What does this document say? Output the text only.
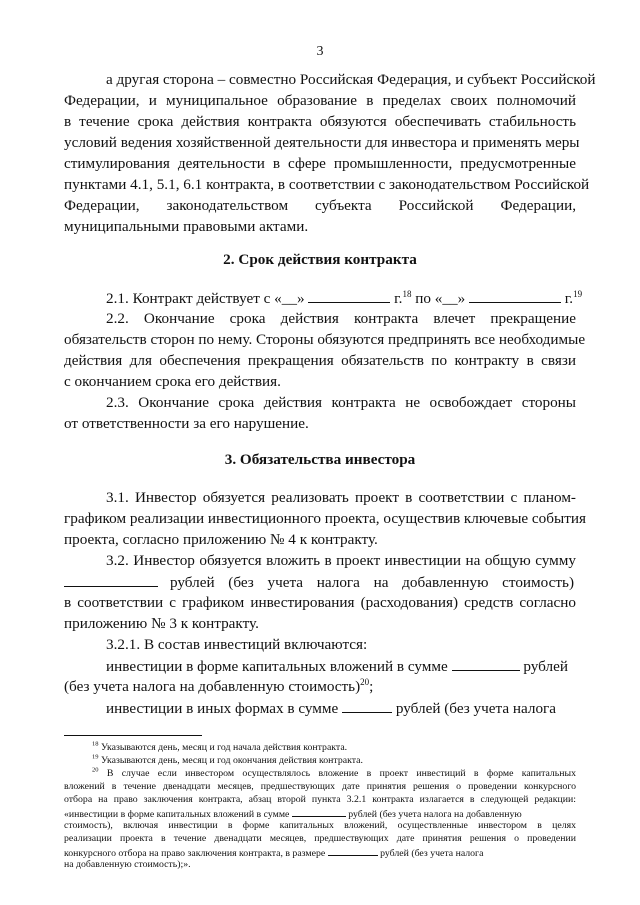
3
а другая сторона – совместно Российская Федерация, и субъект Российской
Федерации, и муниципальное образование в пределах своих полномочий
в течение срока действия контракта обязуются обеспечивать стабильность
условий ведения хозяйственной деятельности для инвестора и применять меры
стимулирования деятельности в сфере промышленности, предусмотренные
пунктами 4.1, 5.1, 6.1 контракта, в соответствии с законодательством Российской
Федерации, законодательством субъекта Российской Федерации,
муниципальными правовыми актами.
2. Срок действия контракта
2.1. Контракт действует с «__»	г.$^{18}$ по «__»	г.$^{19}$
2.2. Окончание срока действия контракта влечет прекращение
обязательств сторон по нему. Стороны обязуются предпринять все необходимые
действия для обеспечения прекращения обязательств по контракту в связи
с окончанием срока его действия.
2.3. Окончание срока действия контракта не освобождает стороны
от ответственности за его нарушение.
3. Обязательства инвестора
3.1. Инвестор обязуется реализовать проект в соответствии с планом-
графиком реализации инвестиционного проекта, осуществив ключевые события
проекта, согласно приложению № 4 к контракту.
3.2. Инвестор обязуется вложить в проект инвестиции на общую сумму
рублей (без учета налога на добавленную стоимость)
в соответствии с графиком инвестирования (расходования) средств согласно
приложению № 3 к контракту.
3.2.1. В состав инвестиций включаются:
инвестиции в форме капитальных вложений в сумме	рублей
(без учета налога на добавленную стоимость)$^{20}$;
инвестиции в иных формах в сумме	рублей (без учета налога
$^{18}$ Указываются день, месяц и год начала действия контракта.
$^{19}$ Указываются день, месяц и год окончания действия контракта.
$^{20}$ В случае если инвестором осуществлялось вложение в проект инвестиций в форме капитальных
вложений в течение двенадцати месяцев, предшествующих дате принятия решения о проведении конкурсного
отбора на право заключения контракта, абзац второй пункта 3.2.1 контракта излагается в следующей редакции:
«инвестиции в форме капитальных вложений в сумме	рублей (без учета налога на добавленную
стоимость), включая инвестиции в форме капитальных вложений, осуществленные инвестором в целях
реализации проекта в течение двенадцати месяцев, предшествующих дате принятия решения о проведении
конкурсного отбора на право заключения контракта, в размере	рублей (без учета налога
на добавленную стоимость);».
